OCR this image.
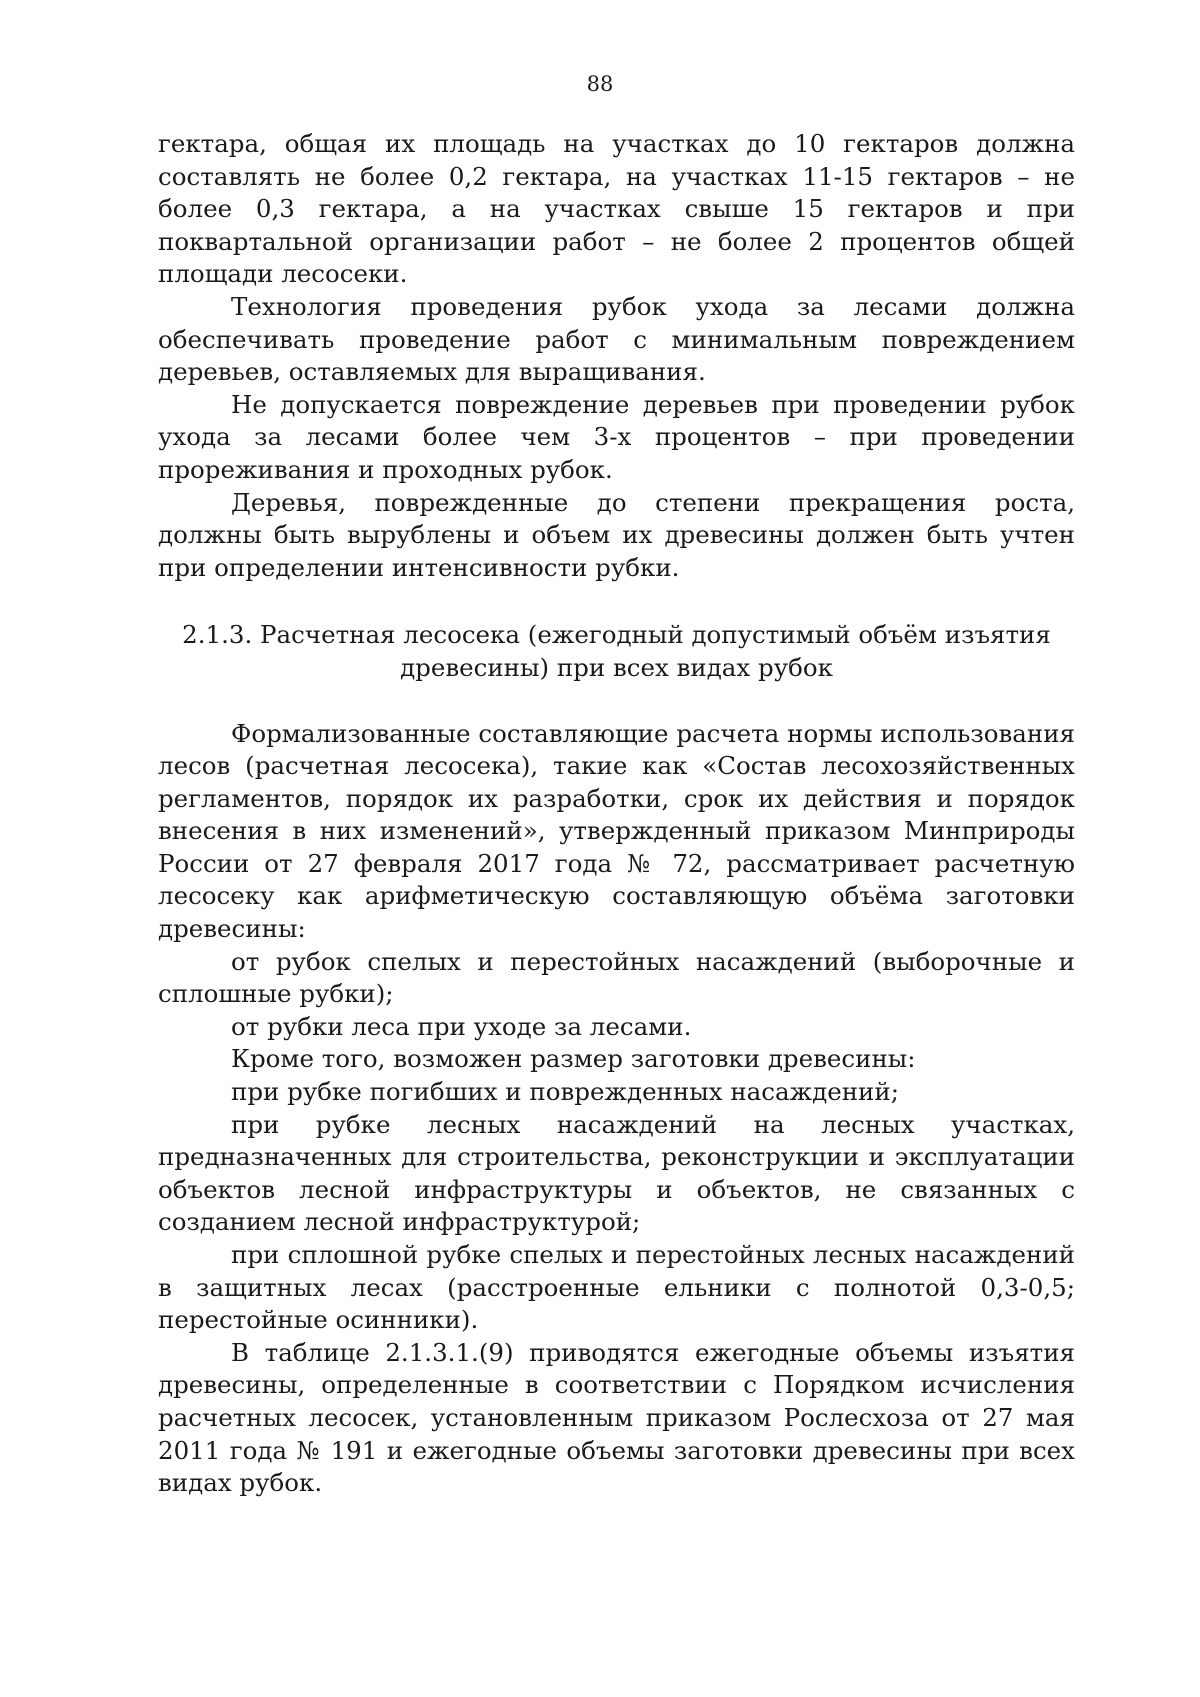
88

гектара, общая их площадь на участках до 10 гектаров должна составлять не более 0,2 гектара, на участках 11-15 гектаров – не более 0,3 гектара, а на участках свыше 15 гектаров и при поквартальной организации работ – не более 2 процентов общей площади лесосеки.

Технология проведения рубок ухода за лесами должна обеспечивать проведение работ с минимальным повреждением деревьев, оставляемых для выращивания.

Не допускается повреждение деревьев при проведении рубок ухода за лесами более чем 3-х процентов – при проведении прореживания и проходных рубок.

Деревья, поврежденные до степени прекращения роста, должны быть вырублены и объем их древесины должен быть учтен при определении интенсивности рубки.

2.1.3. Расчетная лесосека (ежегодный допустимый объём изъятия
древесины) при всех видах рубок

Формализованные составляющие расчета нормы использования лесов (расчетная лесосека), такие как «Состав лесохозяйственных регламентов, порядок их разработки, срок их действия и порядок внесения в них изменений», утвержденный приказом Минприроды России от 27 февраля 2017 года № 72, рассматривает расчетную лесосеку как арифметическую составляющую объёма заготовки древесины:

от рубок спелых и перестойных насаждений (выборочные и сплошные рубки);

от рубки леса при уходе за лесами.

Кроме того, возможен размер заготовки древесины:

при рубке погибших и поврежденных насаждений;

при рубке лесных насаждений на лесных участках, предназначенных для строительства, реконструкции и эксплуатации объектов лесной инфраструктуры и объектов, не связанных с созданием лесной инфраструктурой;

при сплошной рубке спелых и перестойных лесных насаждений в защитных лесах (расстроенные ельники с полнотой 0,3-0,5; перестойные осинники).

В таблице 2.1.3.1.(9) приводятся ежегодные объемы изъятия древесины, определенные в соответствии с Порядком исчисления расчетных лесосек, установленным приказом Рослесхоза от 27 мая 2011 года № 191 и ежегодные объемы заготовки древесины при всех видах рубок.
